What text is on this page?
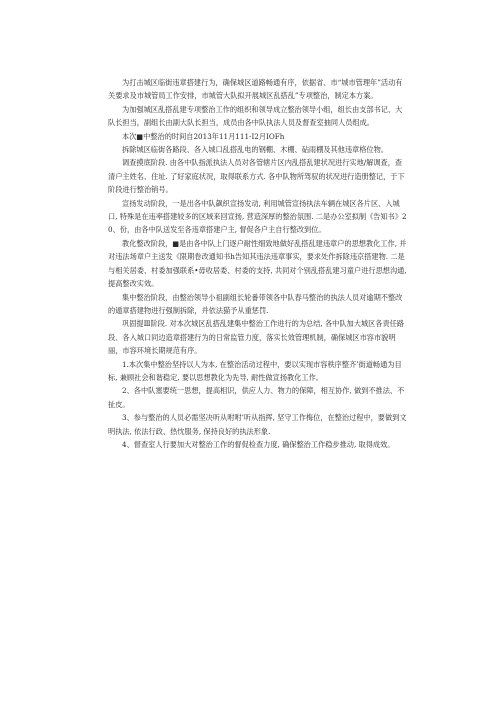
为打击城区临街违章搭建行为，确保城区道路畅通有序，依据省、市“城市管理年”活动有关要求及市城管局工作安排，市城管大队拟开展城区乱搭乱”专项整治，制定本方案。

为加强城区乱搭乱建专项整治工作的组织和领导成立整治领导小组，组长由支部书记、大队长担当，副组长由副大队长担当，成员由各中队执法人员及督查室抽同人员组成。

本次■中整治的时间自2013年11月111-I2月IOFh

拆除城区临街各路段、各入城口乱搭乱电的钢棚、木棚、砧雨棚及其他违章格位物。

调查摸底阶段. 由各中队指派执法人员对各管辖片区内乱搭乱建状况进行实地/解调查，查清户主姓名、住址. 了好家庭状况，取得联系方式. 各中队物所驾驭的状况进行造册整记，于下阶段进行整治销号。

宣扬发动阶段，一是出各中队飙织宣扬发动, 利用城管宣扬执法车辆在城区各片区、入城口, 特殊是在违率搭建较多的区域来回宣扬, 营造深厚的整治氛围. 二是办公室拟制《告知书》20、份，由各中队送发至各违章搭建户主, 督促各户主自行整改到位。

教化整改阶段，■是由各中队上门逐户耐性细致地做好乱搭乱建违章户的思想教化工作, 并对违法场章户主送发《限期卷改通知书h告知其违法违章事实，要求处作拆除违京搭建物. 二是与相关居委、村委加强联系•毋收居委、村委的支持, 共同对个别乱搭乱建习童户进行思想沟通, 提高整改实效。

集中整治阶段，由整治领导小祖副组长轮番带领各中队春马整治的执法人员对逾期不整改的遁章搭建物进行强制拆除，并依法猫予从重惩罚.

巩固提Ⅲ阶段. 对本次城区乱搭乱建集中整治工作进行的为总结, 各中队加大城区各责任路段、各入城口同边造章搭建行为的日常监管力度，落实长效管理机制，确保城区市容市貌明丽，市容环境长期规范有序。

1.本次集中整治坚持以人为本, 在整治活动过程中，要以实现市容秩序整齐’街道畅通为目标, 兼顾社会和谐稳定, 要以思想教化为先导, 耐性做宣扬教化工作。

2、各中队塞要统一思想，提高相识，供应人力、物力的保障，相互协作, 做到不推法、不扯皮。

3、参与整治的人员必需坚决听从咐咐’听从指挥, 坚守工作梅位，在整治过程中，要做到文明执法, 依法行政、热忱服务, 保持良好的执法形象.

4、督查室人行要加大对整治工作的督促检查力度, 确保整治工作稳步推动, 取得成效。
